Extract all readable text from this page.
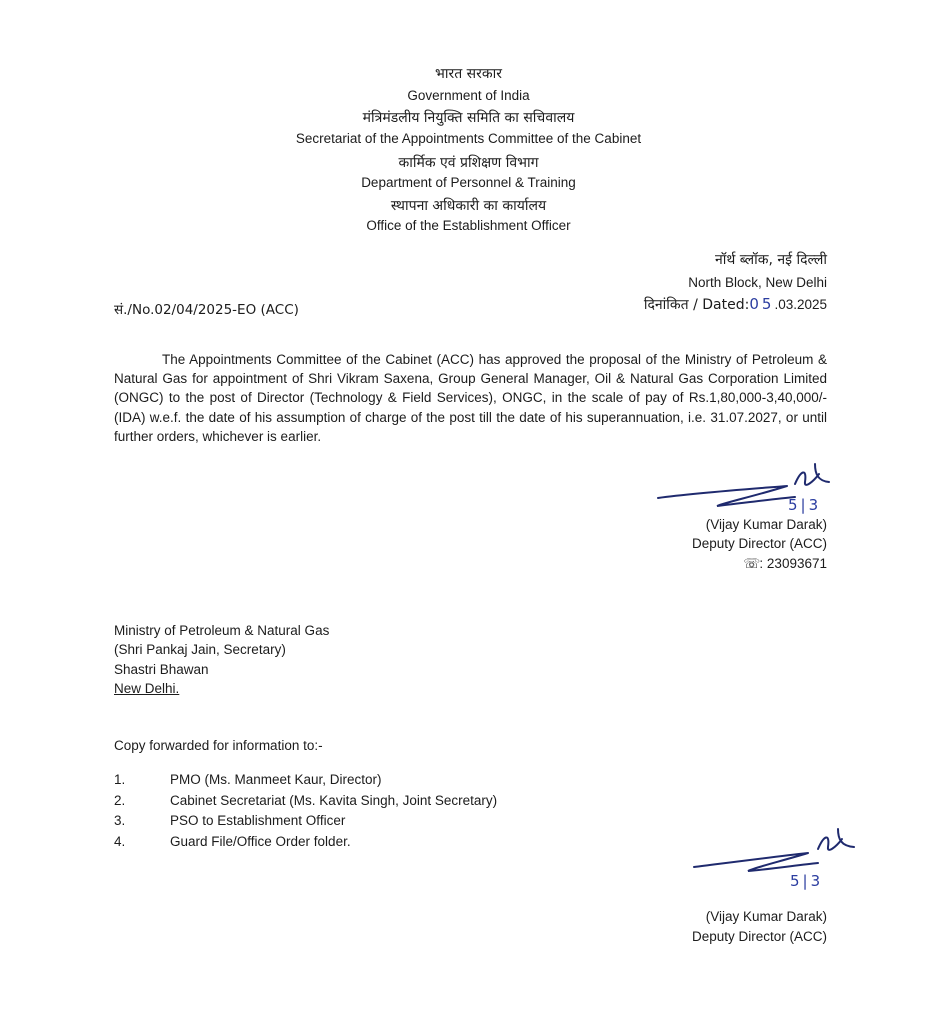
भारत सरकार
Government of India
मंत्रिमंडलीय नियुक्ति समिति का सचिवालय
Secretariat of the Appointments Committee of the Cabinet
कार्मिक एवं प्रशिक्षण विभाग
Department of Personnel & Training
स्थापना अधिकारी का कार्यालय
Office of the Establishment Officer
नॉर्थ ब्लॉक, नई दिल्ली
North Block, New Delhi
दिनांकित / Dated:05.03.2025
सं./No.02/04/2025-EO (ACC)
The Appointments Committee of the Cabinet (ACC) has approved the proposal of the Ministry of Petroleum & Natural Gas for appointment of Shri Vikram Saxena, Group General Manager, Oil & Natural Gas Corporation Limited (ONGC) to the post of Director (Technology & Field Services), ONGC, in the scale of pay of Rs.1,80,000-3,40,000/- (IDA) w.e.f. the date of his assumption of charge of the post till the date of his superannuation, i.e. 31.07.2027, or until further orders, whichever is earlier.
5|3
(Vijay Kumar Darak)
Deputy Director (ACC)
☏: 23093671
Ministry of Petroleum & Natural Gas
(Shri Pankaj Jain, Secretary)
Shastri Bhawan
New Delhi.
Copy forwarded for information to:-
1.	PMO (Ms. Manmeet Kaur, Director)
2.	Cabinet Secretariat (Ms. Kavita Singh, Joint Secretary)
3.	PSO to Establishment Officer
4.	Guard File/Office Order folder.
5|3
(Vijay Kumar Darak)
Deputy Director (ACC)
